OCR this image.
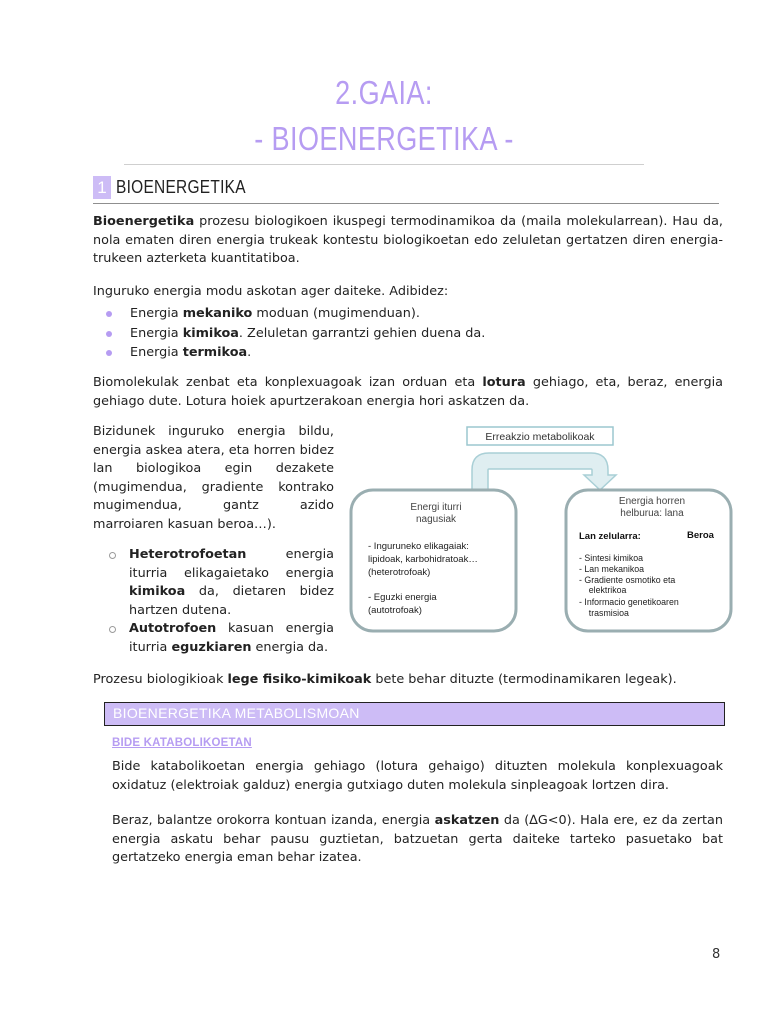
2.GAIA:
- BIOENERGETIKA -
1 BIOENERGETIKA

Bioenergetika prozesu biologikoen ikuspegi termodinamikoa da (maila molekularrean). Hau da, nola ematen diren energia trukeak kontestu biologikoetan edo zeluletan gertatzen diren energia-trukeen azterketa kuantitatiboa.

Inguruko energia modu askotan ager daiteke. Adibidez:

Energia mekaniko moduan (mugimenduan).
Energia kimikoa. Zeluletan garrantzi gehien duena da.
Energia termikoa.

Biomolekulak zenbat eta konplexuagoak izan orduan eta lotura gehiago, eta, beraz, energia gehiago dute. Lotura hoiek apurtzerakoan energia hori askatzen da.

Bizidunek inguruko energia bildu, energia askea atera, eta horren bidez lan biologikoa egin dezakete (mugimendua, gradiente kontrako mugimendua, gantz azido marroiaren kasuan beroa…).

Heterotrofoetan energia iturria elikagaietako energia kimikoa da, dietaren bidez hartzen dutena.
Autotrofoen kasuan energia iturria eguzkiaren energia da.
Erreakzio metabolikoak
Energi iturri
nagusiak
- Inguruneko elikagaiak:
lipidoak, karbohidratoak…
(heterotrofoak)
- Eguzki energia
(autotrofoak)
Energia horren
helburua: lana
Lan zelularra:	Beroa
- Sintesi kimikoa
- Lan mekanikoa
- Gradiente osmotiko eta
elektrikoa
- Informacio genetikoaren
trasmisioa

Prozesu biologikioak lege fisiko-kimikoak bete behar dituzte (termodinamikaren legeak).

BIOENERGETIKA METABOLISMOAN
BIDE KATABOLIKOETAN

Bide katabolikoetan energia gehiago (lotura gehaigo) dituzten molekula konplexuagoak oxidatuz (elektroiak galduz) energia gutxiago duten molekula sinpleagoak lortzen dira.

Beraz, balantze orokorra kontuan izanda, energia askatzen da (∆G<0). Hala ere, ez da zertan energia askatu behar pausu guztietan, batzuetan gerta daiteke tarteko pasuetako bat gertatzeko energia eman behar izatea.

8
